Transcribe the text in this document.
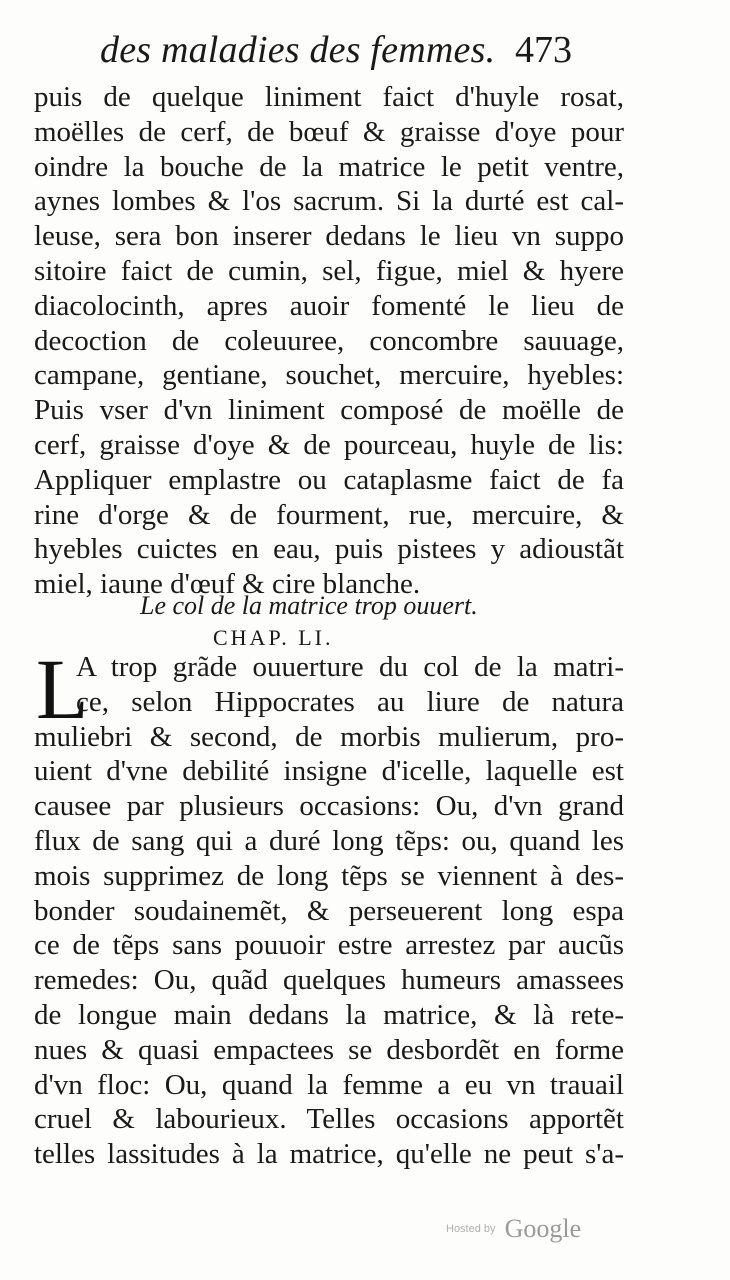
des maladies des femmes. 473
puis de quelque liniment faict d'huyle rosat,
moëlles de cerf, de bœuf & graisse d'oye pour
oindre la bouche de la matrice le petit ventre,
aynes lombes & l'os sacrum. Si la durté est cal-
leuse, sera bon inserer dedans le lieu vn suppo
sitoire faict de cumin, sel, figue, miel & hyere
diacolocinth, apres auoir fomenté le lieu de
decoction de coleuuree, concombre sauuage,
campane, gentiane, souchet, mercuire, hyebles:
Puis vser d'vn liniment composé de moëlle de
cerf, graisse d'oye & de pourceau, huyle de lis:
Appliquer emplastre ou cataplasme faict de fa
rine d'orge & de fourment, rue, mercuire, &
hyebles cuictes en eau, puis pistees y adioustãt
miel, iaune d'œuf & cire blanche.
Le col de la matrice trop ouuert.
CHAP. LI.
L
A trop grãde ouuerture du col de la matri-
ce, selon Hippocrates au liure de natura
muliebri & second, de morbis mulierum, pro-
uient d'vne debilité insigne d'icelle, laquelle est
causee par plusieurs occasions: Ou, d'vn grand
flux de sang qui a duré long tẽps: ou, quand les
mois supprimez de long tẽps se viennent à des-
bonder soudainemẽt, & perseuerent long espa
ce de tẽps sans pouuoir estre arrestez par aucũs
remedes: Ou, quãd quelques humeurs amassees
de longue main dedans la matrice, & là rete-
nues & quasi empactees se desbordẽt en forme
d'vn floc: Ou, quand la femme a eu vn trauail
cruel & labourieux. Telles occasions apportẽt
telles lassitudes à la matrice, qu'elle ne peut s'a-
Hosted by Google
